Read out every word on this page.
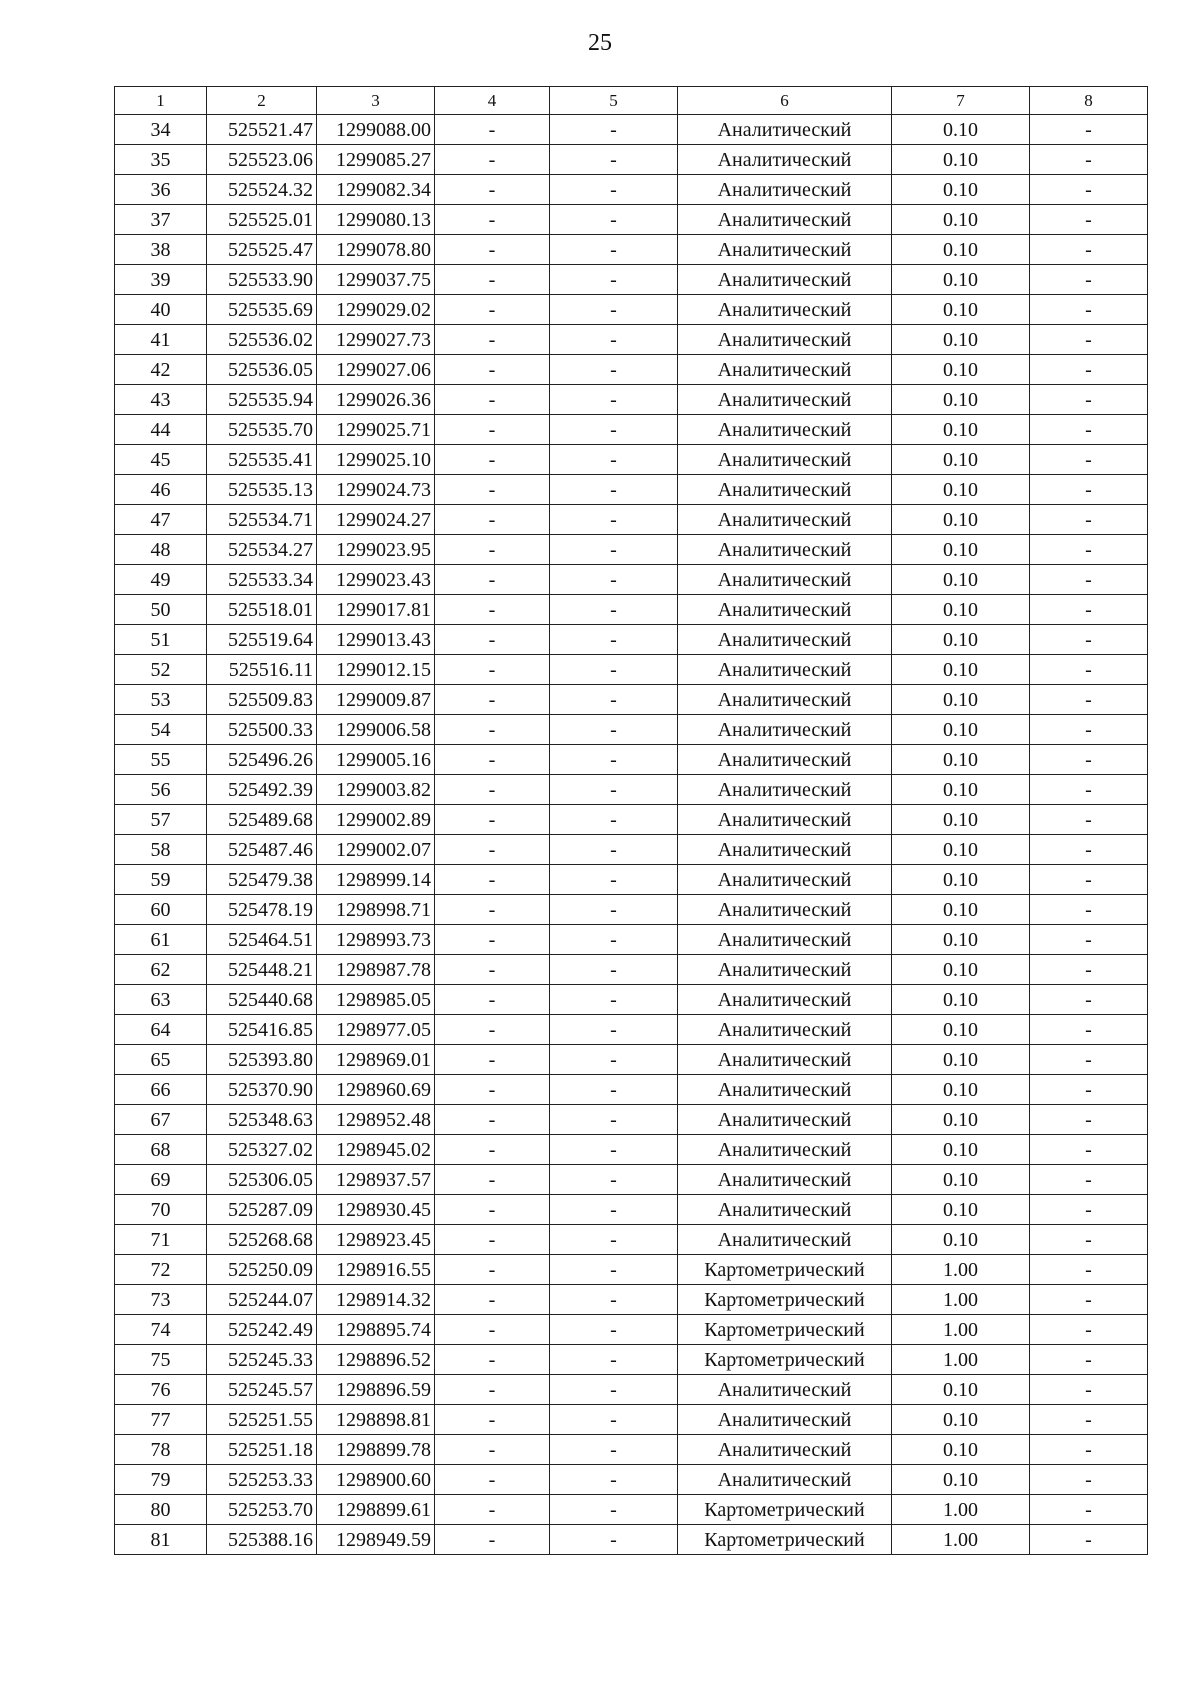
25
1	2	3	4	5	6	7	8
34	525521.47	1299088.00	-	-	Аналитический	0.10	-
35	525523.06	1299085.27	-	-	Аналитический	0.10	-
36	525524.32	1299082.34	-	-	Аналитический	0.10	-
37	525525.01	1299080.13	-	-	Аналитический	0.10	-
38	525525.47	1299078.80	-	-	Аналитический	0.10	-
39	525533.90	1299037.75	-	-	Аналитический	0.10	-
40	525535.69	1299029.02	-	-	Аналитический	0.10	-
41	525536.02	1299027.73	-	-	Аналитический	0.10	-
42	525536.05	1299027.06	-	-	Аналитический	0.10	-
43	525535.94	1299026.36	-	-	Аналитический	0.10	-
44	525535.70	1299025.71	-	-	Аналитический	0.10	-
45	525535.41	1299025.10	-	-	Аналитический	0.10	-
46	525535.13	1299024.73	-	-	Аналитический	0.10	-
47	525534.71	1299024.27	-	-	Аналитический	0.10	-
48	525534.27	1299023.95	-	-	Аналитический	0.10	-
49	525533.34	1299023.43	-	-	Аналитический	0.10	-
50	525518.01	1299017.81	-	-	Аналитический	0.10	-
51	525519.64	1299013.43	-	-	Аналитический	0.10	-
52	525516.11	1299012.15	-	-	Аналитический	0.10	-
53	525509.83	1299009.87	-	-	Аналитический	0.10	-
54	525500.33	1299006.58	-	-	Аналитический	0.10	-
55	525496.26	1299005.16	-	-	Аналитический	0.10	-
56	525492.39	1299003.82	-	-	Аналитический	0.10	-
57	525489.68	1299002.89	-	-	Аналитический	0.10	-
58	525487.46	1299002.07	-	-	Аналитический	0.10	-
59	525479.38	1298999.14	-	-	Аналитический	0.10	-
60	525478.19	1298998.71	-	-	Аналитический	0.10	-
61	525464.51	1298993.73	-	-	Аналитический	0.10	-
62	525448.21	1298987.78	-	-	Аналитический	0.10	-
63	525440.68	1298985.05	-	-	Аналитический	0.10	-
64	525416.85	1298977.05	-	-	Аналитический	0.10	-
65	525393.80	1298969.01	-	-	Аналитический	0.10	-
66	525370.90	1298960.69	-	-	Аналитический	0.10	-
67	525348.63	1298952.48	-	-	Аналитический	0.10	-
68	525327.02	1298945.02	-	-	Аналитический	0.10	-
69	525306.05	1298937.57	-	-	Аналитический	0.10	-
70	525287.09	1298930.45	-	-	Аналитический	0.10	-
71	525268.68	1298923.45	-	-	Аналитический	0.10	-
72	525250.09	1298916.55	-	-	Картометрический	1.00	-
73	525244.07	1298914.32	-	-	Картометрический	1.00	-
74	525242.49	1298895.74	-	-	Картометрический	1.00	-
75	525245.33	1298896.52	-	-	Картометрический	1.00	-
76	525245.57	1298896.59	-	-	Аналитический	0.10	-
77	525251.55	1298898.81	-	-	Аналитический	0.10	-
78	525251.18	1298899.78	-	-	Аналитический	0.10	-
79	525253.33	1298900.60	-	-	Аналитический	0.10	-
80	525253.70	1298899.61	-	-	Картометрический	1.00	-
81	525388.16	1298949.59	-	-	Картометрический	1.00	-
